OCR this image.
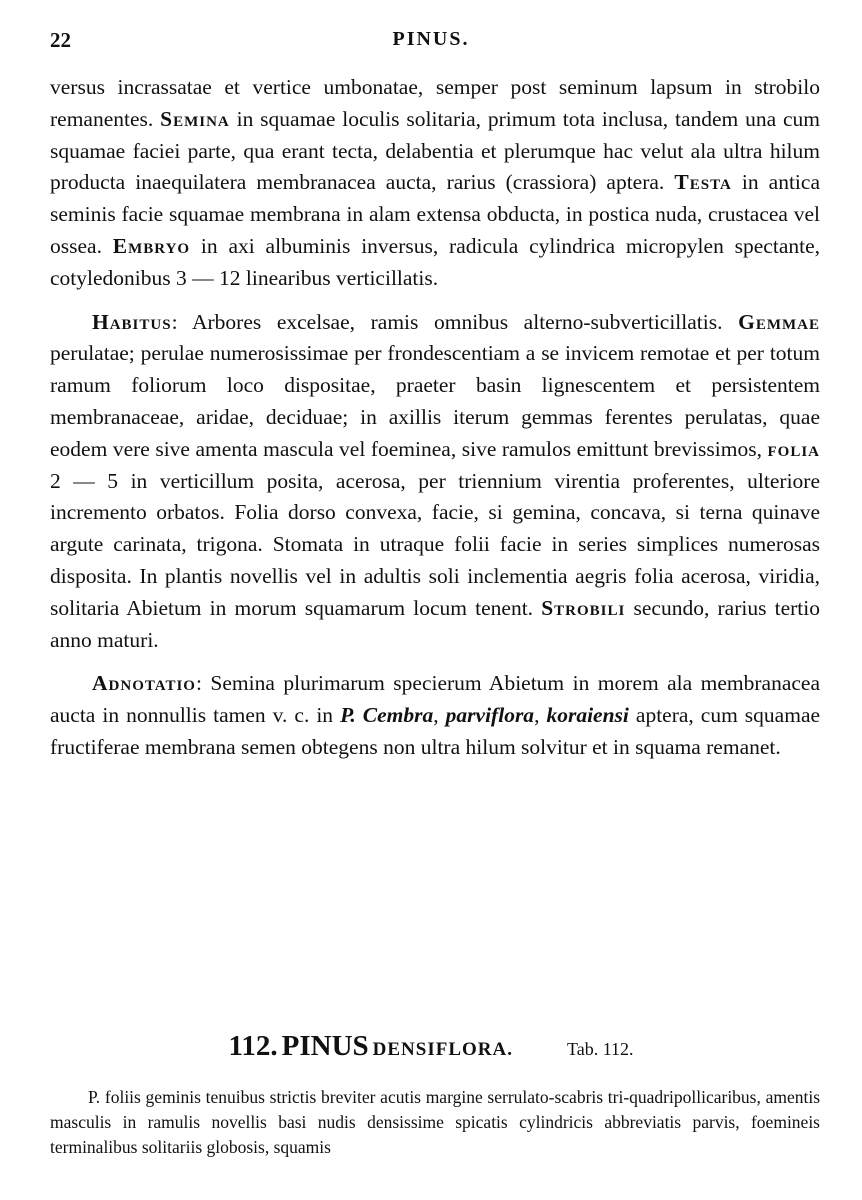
22	PINUS.

versus incrassatae et vertice umbonatae, semper post seminum lapsum in strobilo remanentes. Semina in squamae loculis solitaria, primum tota inclusa, tandem una cum squamae faciei parte, qua erant tecta, delabentia et plerumque hac velut ala ultra hilum producta inaequilatera membranacea aucta, rarius (crassiora) aptera. Testa in antica seminis facie squamae membrana in alam extensa obducta, in postica nuda, crustacea vel ossea. Embryo in axi albuminis inversus, radicula cylindrica micropylen spectante, cotyledonibus 3 — 12 linearibus verticillatis.

Habitus: Arbores excelsae, ramis omnibus alterno-subverticillatis. Gemmae perulatae; perulae numerosissimae per frondescentiam a se invicem remotae et per totum ramum foliorum loco dispositae, praeter basin lignescentem et persistentem membranaceae, aridae, deciduae; in axillis iterum gemmas ferentes perulatas, quae eodem vere sive amenta mascula vel foeminea, sive ramulos emittunt brevissimos, folia 2 — 5 in verticillum posita, acerosa, per triennium virentia proferentes, ulteriore incremento orbatos. Folia dorso convexa, facie, si gemina, concava, si terna quinave argute carinata, trigona. Stomata in utraque folii facie in series simplices numerosas disposita. In plantis novellis vel in adultis soli inclementia aegris folia acerosa, viridia, solitaria Abietum in morum squamarum locum tenent. Strobili secundo, rarius tertio anno maturi.

Adnotatio: Semina plurimarum specierum Abietum in morem ala membranacea aucta in nonnullis tamen v. c. in P. Cembra, parviflora, koraiensi aptera, cum squamae fructiferae membrana semen obtegens non ultra hilum solvitur et in squama remanet.

112. PINUS DENSIFLORA.	Tab. 112.
P. foliis geminis tenuibus strictis breviter acutis margine serrulato-scabris tri-quadripollicaribus, amentis masculis in ramulis novellis basi nudis densissime spicatis cylindricis abbreviatis parvis, foemineis terminalibus solitariis globosis, squamis
